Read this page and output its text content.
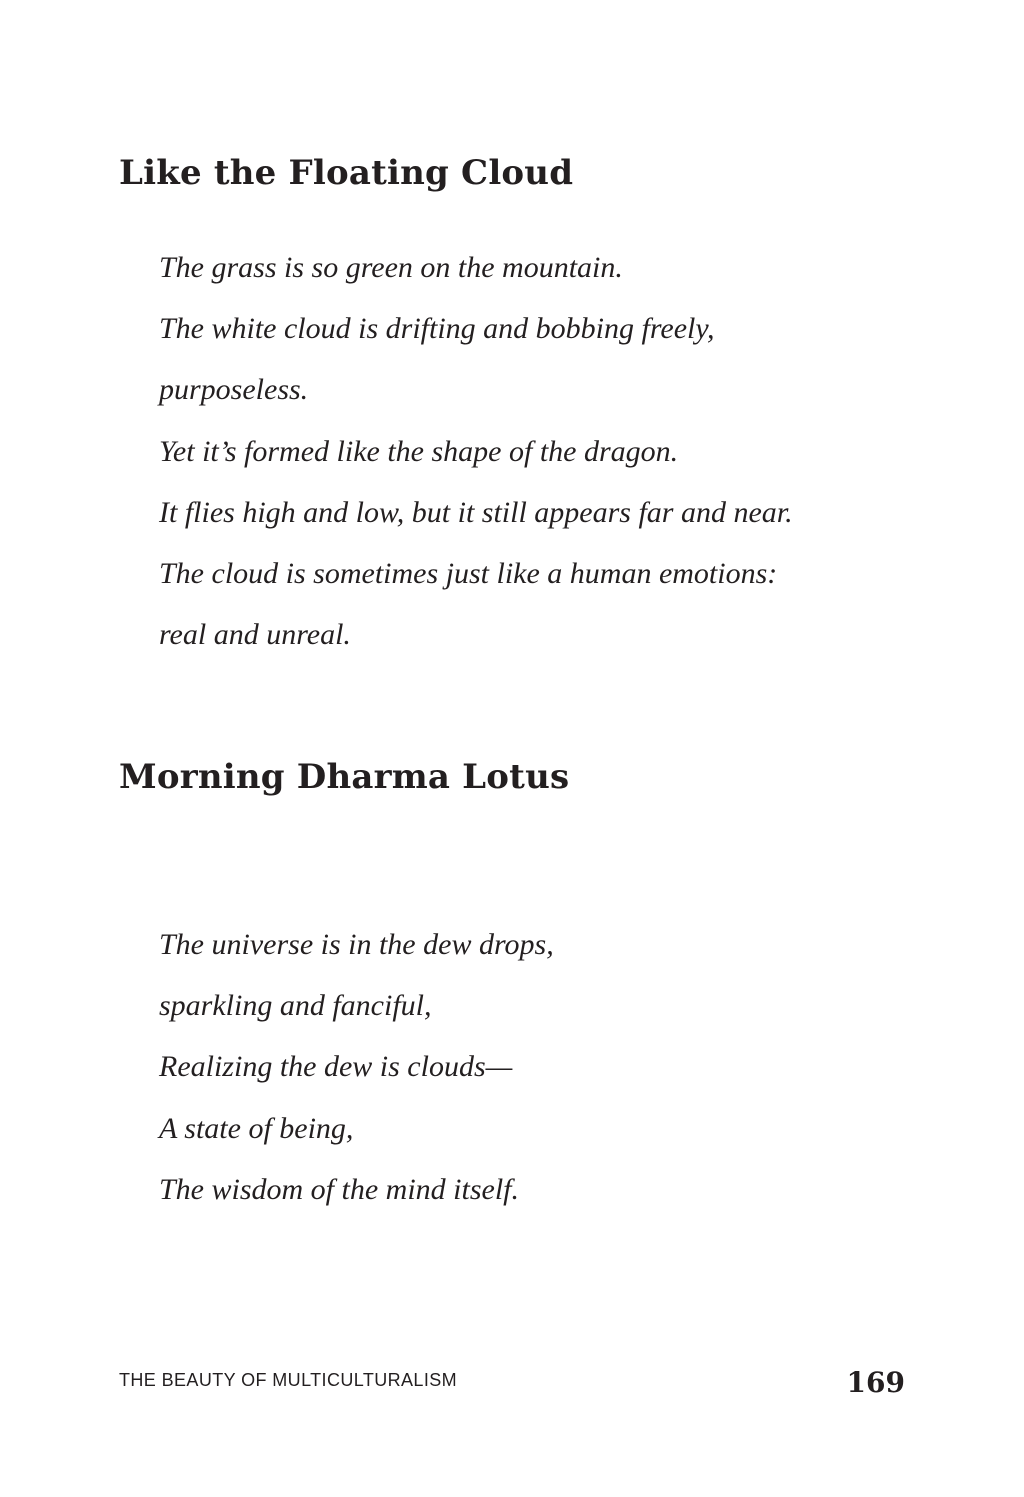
Like the Floating Cloud
The grass is so green on the mountain.
The white cloud is drifting and bobbing freely,
purposeless.
Yet it’s formed like the shape of the dragon.
It flies high and low, but it still appears far and near.
The cloud is sometimes just like a human emotions:
real and unreal.
Morning Dharma Lotus
The universe is in the dew drops,
sparkling and fanciful,
Realizing the dew is clouds—
A state of being,
The wisdom of the mind itself.
THE BEAUTY OF MULTICULTURALISM	169
